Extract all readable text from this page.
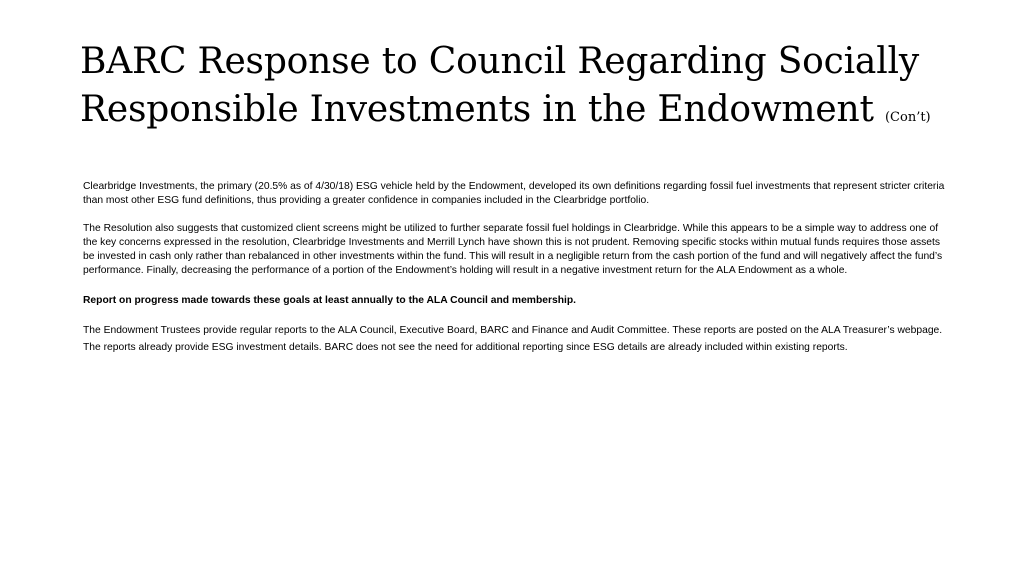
BARC Response to Council Regarding Socially Responsible Investments in the Endowment (Con’t)

Clearbridge Investments, the primary (20.5% as of 4/30/18) ESG vehicle held by the Endowment, developed its own definitions regarding fossil fuel investments that represent stricter criteria than most other ESG fund definitions, thus providing a greater confidence in companies included in the Clearbridge portfolio.

The Resolution also suggests that customized client screens might be utilized to further separate fossil fuel holdings in Clearbridge. While this appears to be a simple way to address one of the key concerns expressed in the resolution, Clearbridge Investments and Merrill Lynch have shown this is not prudent. Removing specific stocks within mutual funds requires those assets be invested in cash only rather than rebalanced in other investments within the fund. This will result in a negligible return from the cash portion of the fund and will negatively affect the fund’s performance. Finally, decreasing the performance of a portion of the Endowment’s holding will result in a negative investment return for the ALA Endowment as a whole.

Report on progress made towards these goals at least annually to the ALA Council and membership.

The Endowment Trustees provide regular reports to the ALA Council, Executive Board, BARC and Finance and Audit Committee. These reports are posted on the ALA Treasurer’s webpage. The reports already provide ESG investment details. BARC does not see the need for additional reporting since ESG details are already included within existing reports.
